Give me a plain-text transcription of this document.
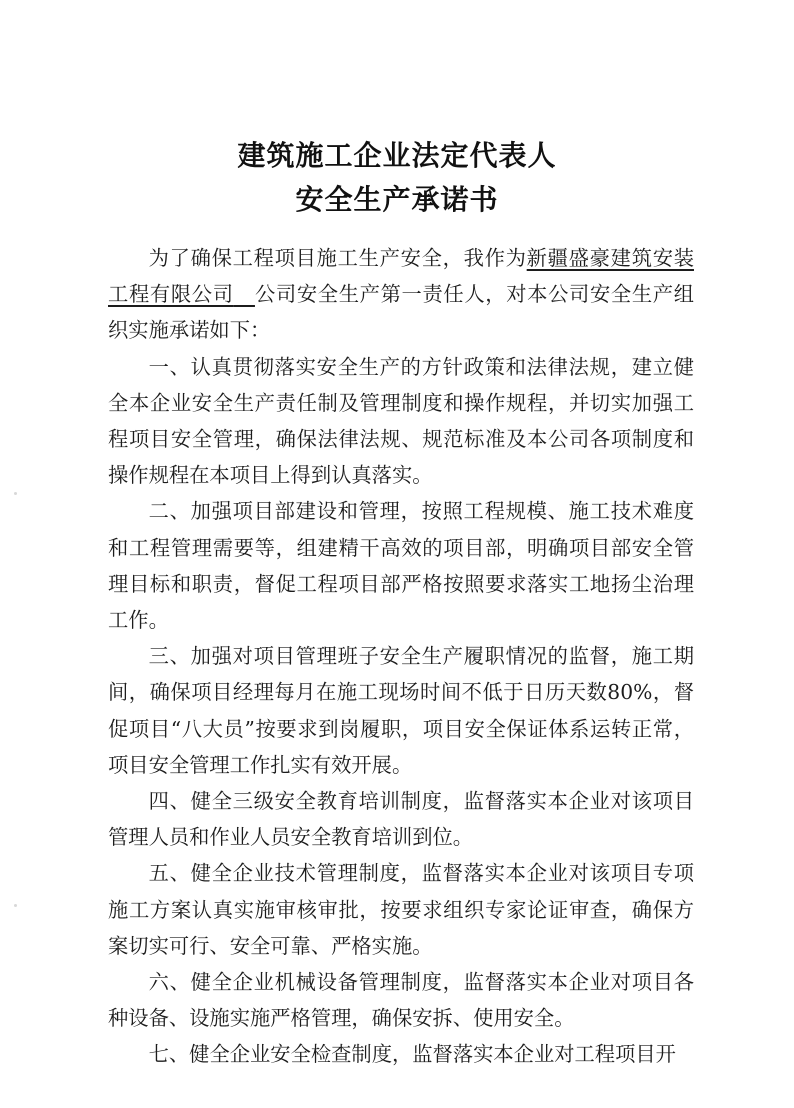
建筑施工企业法定代表人
安全生产承诺书

为了确保工程项目施工生产安全，我作为新疆盛豪建筑安装工程有限公司 公司安全生产第一责任人，对本公司安全生产组织实施承诺如下：

一、认真贯彻落实安全生产的方针政策和法律法规，建立健全本企业安全生产责任制及管理制度和操作规程，并切实加强工程项目安全管理，确保法律法规、规范标准及本公司各项制度和操作规程在本项目上得到认真落实。

二、加强项目部建设和管理，按照工程规模、施工技术难度和工程管理需要等，组建精干高效的项目部，明确项目部安全管理目标和职责，督促工程项目部严格按照要求落实工地扬尘治理工作。

三、加强对项目管理班子安全生产履职情况的监督，施工期间，确保项目经理每月在施工现场时间不低于日历天数80%，督促项目“八大员”按要求到岗履职，项目安全保证体系运转正常，项目安全管理工作扎实有效开展。

四、健全三级安全教育培训制度，监督落实本企业对该项目管理人员和作业人员安全教育培训到位。

五、健全企业技术管理制度，监督落实本企业对该项目专项施工方案认真实施审核审批，按要求组织专家论证审查，确保方案切实可行、安全可靠、严格实施。

六、健全企业机械设备管理制度，监督落实本企业对项目各种设备、设施实施严格管理，确保安拆、使用安全。

七、健全企业安全检查制度，监督落实本企业对工程项目开
